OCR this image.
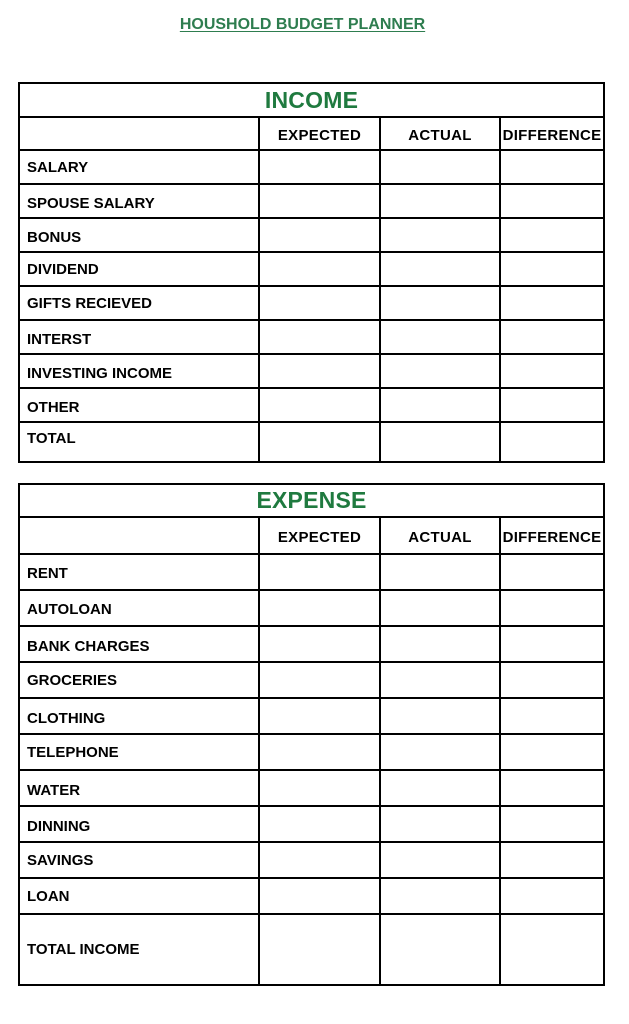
HOUSHOLD BUDGET PLANNER
INCOME			
	EXPECTED	ACTUAL	DIFFERENCE
SALARY			
SPOUSE SALARY			
BONUS			
DIVIDEND			
GIFTS RECIEVED			
INTERST			
INVESTING INCOME			
OTHER			
TOTAL			
EXPENSE			
	EXPECTED	ACTUAL	DIFFERENCE
RENT			
AUTOLOAN			
BANK CHARGES			
GROCERIES			
CLOTHING			
TELEPHONE			
WATER			
DINNING			
SAVINGS			
LOAN			
TOTAL INCOME			
